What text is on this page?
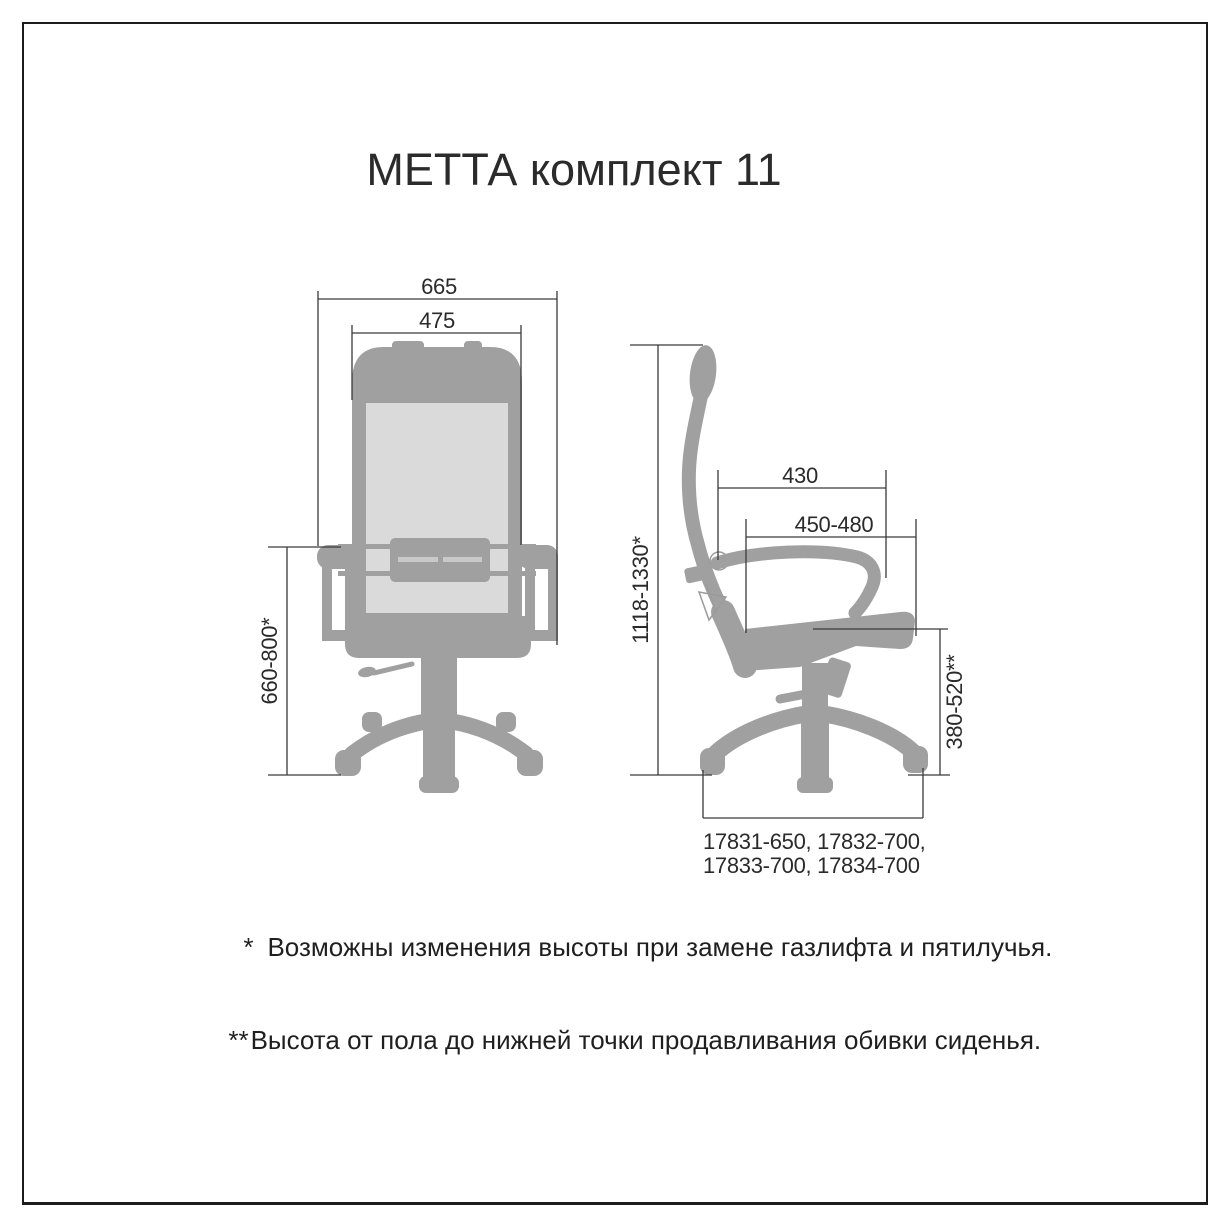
МЕТТА комплект 11
665
475
660-800*
1118-1330*
430
450-480
380-520**
17831-650, 17832-700,
17833-700, 17834-700

* Возможны изменения высоты при замене газлифта и пятилучья.

**Высота от пола до нижней точки продавливания обивки сиденья.
